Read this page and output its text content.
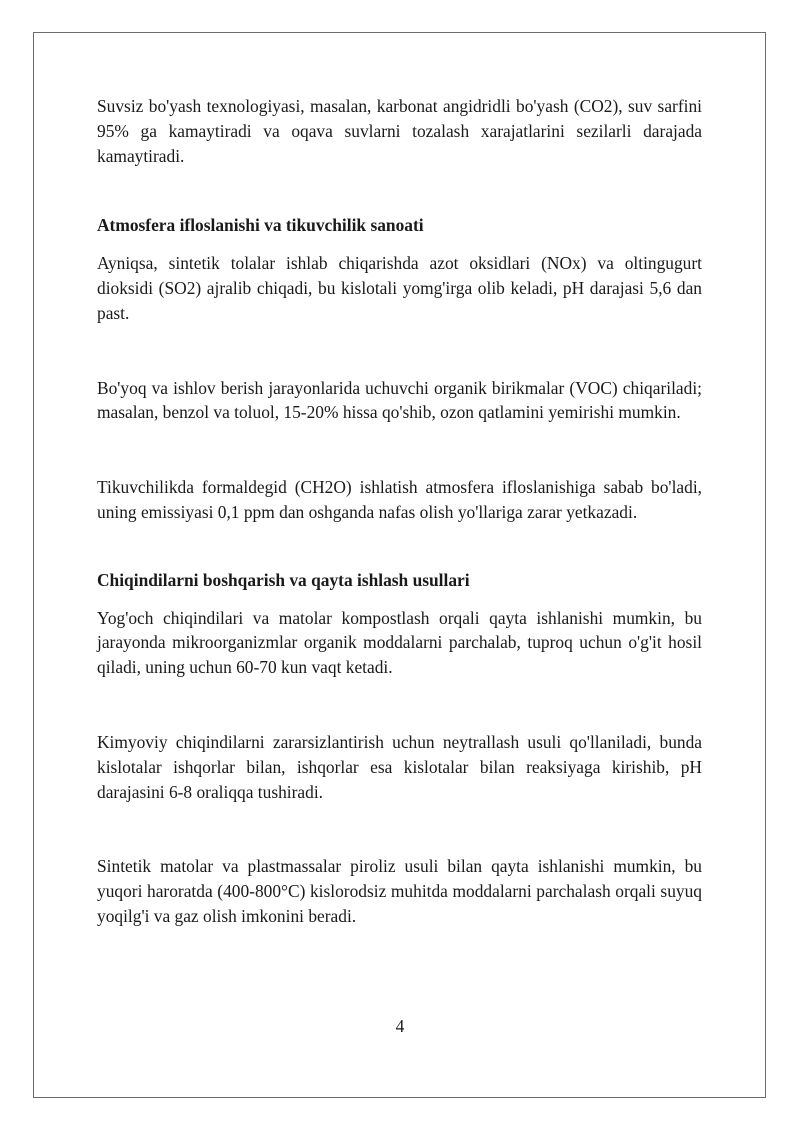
Suvsiz bo'yash texnologiyasi, masalan, karbonat angidridli bo'yash (CO2), suv sarfini 95% ga kamaytiradi va oqava suvlarni tozalash xarajatlarini sezilarli darajada kamaytiradi.

Atmosfera ifloslanishi va tikuvchilik sanoati

Ayniqsa, sintetik tolalar ishlab chiqarishda azot oksidlari (NOx) va oltingugurt dioksidi (SO2) ajralib chiqadi, bu kislotali yomg'irga olib keladi, pH darajasi 5,6 dan past.

Bo'yoq va ishlov berish jarayonlarida uchuvchi organik birikmalar (VOC) chiqariladi; masalan, benzol va toluol, 15-20% hissa qo'shib, ozon qatlamini yemirishi mumkin.

Tikuvchilikda formaldegid (CH2O) ishlatish atmosfera ifloslanishiga sabab bo'ladi, uning emissiyasi 0,1 ppm dan oshganda nafas olish yo'llariga zarar yetkazadi.

Chiqindilarni boshqarish va qayta ishlash usullari

Yog'och chiqindilari va matolar kompostlash orqali qayta ishlanishi mumkin, bu jarayonda mikroorganizmlar organik moddalarni parchalab, tuproq uchun o'g'it hosil qiladi, uning uchun 60-70 kun vaqt ketadi.

Kimyoviy chiqindilarni zararsizlantirish uchun neytrallash usuli qo'llaniladi, bunda kislotalar ishqorlar bilan, ishqorlar esa kislotalar bilan reaksiyaga kirishib, pH darajasini 6-8 oraliqqa tushiradi.

Sintetik matolar va plastmassalar piroliz usuli bilan qayta ishlanishi mumkin, bu yuqori haroratda (400-800°C) kislorodsiz muhitda moddalarni parchalash orqali suyuq yoqilg'i va gaz olish imkonini beradi.

4
